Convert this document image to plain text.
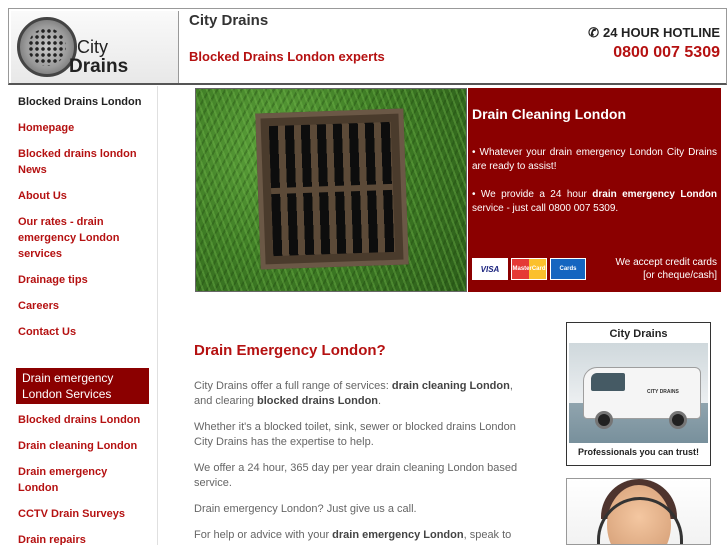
City
Drains
City Drains
Blocked Drains London experts
✆ 24 HOUR HOTLINE
0800 007 5309
Blocked Drains London
Homepage
Blocked drains london News
About Us
Our rates - drain emergency London services
Drainage tips
Careers
Contact Us
Drain emergency London Services
Blocked drains London
Drain cleaning London
Drain emergency London
CCTV Drain Surveys
Drain repairs
Drain Cleaning London

• Whatever your drain emergency London City Drains are ready to assist!

• We provide a 24 hour drain emergency London service - just call 0800 007 5309.

VISA	MasterCard	Cards
We accept credit cards
[or cheque/cash]
Drain Emergency London?

City Drains offer a full range of services: drain cleaning London, and clearing blocked drains London.

Whether it's a blocked toilet, sink, sewer or blocked drains London City Drains has the expertise to help.

We offer a 24 hour, 365 day per year drain cleaning London based service.

Drain emergency London? Just give us a call.

For help or advice with your drain emergency London, speak to

City Drains
CITY DRAINS
Professionals you can trust!
